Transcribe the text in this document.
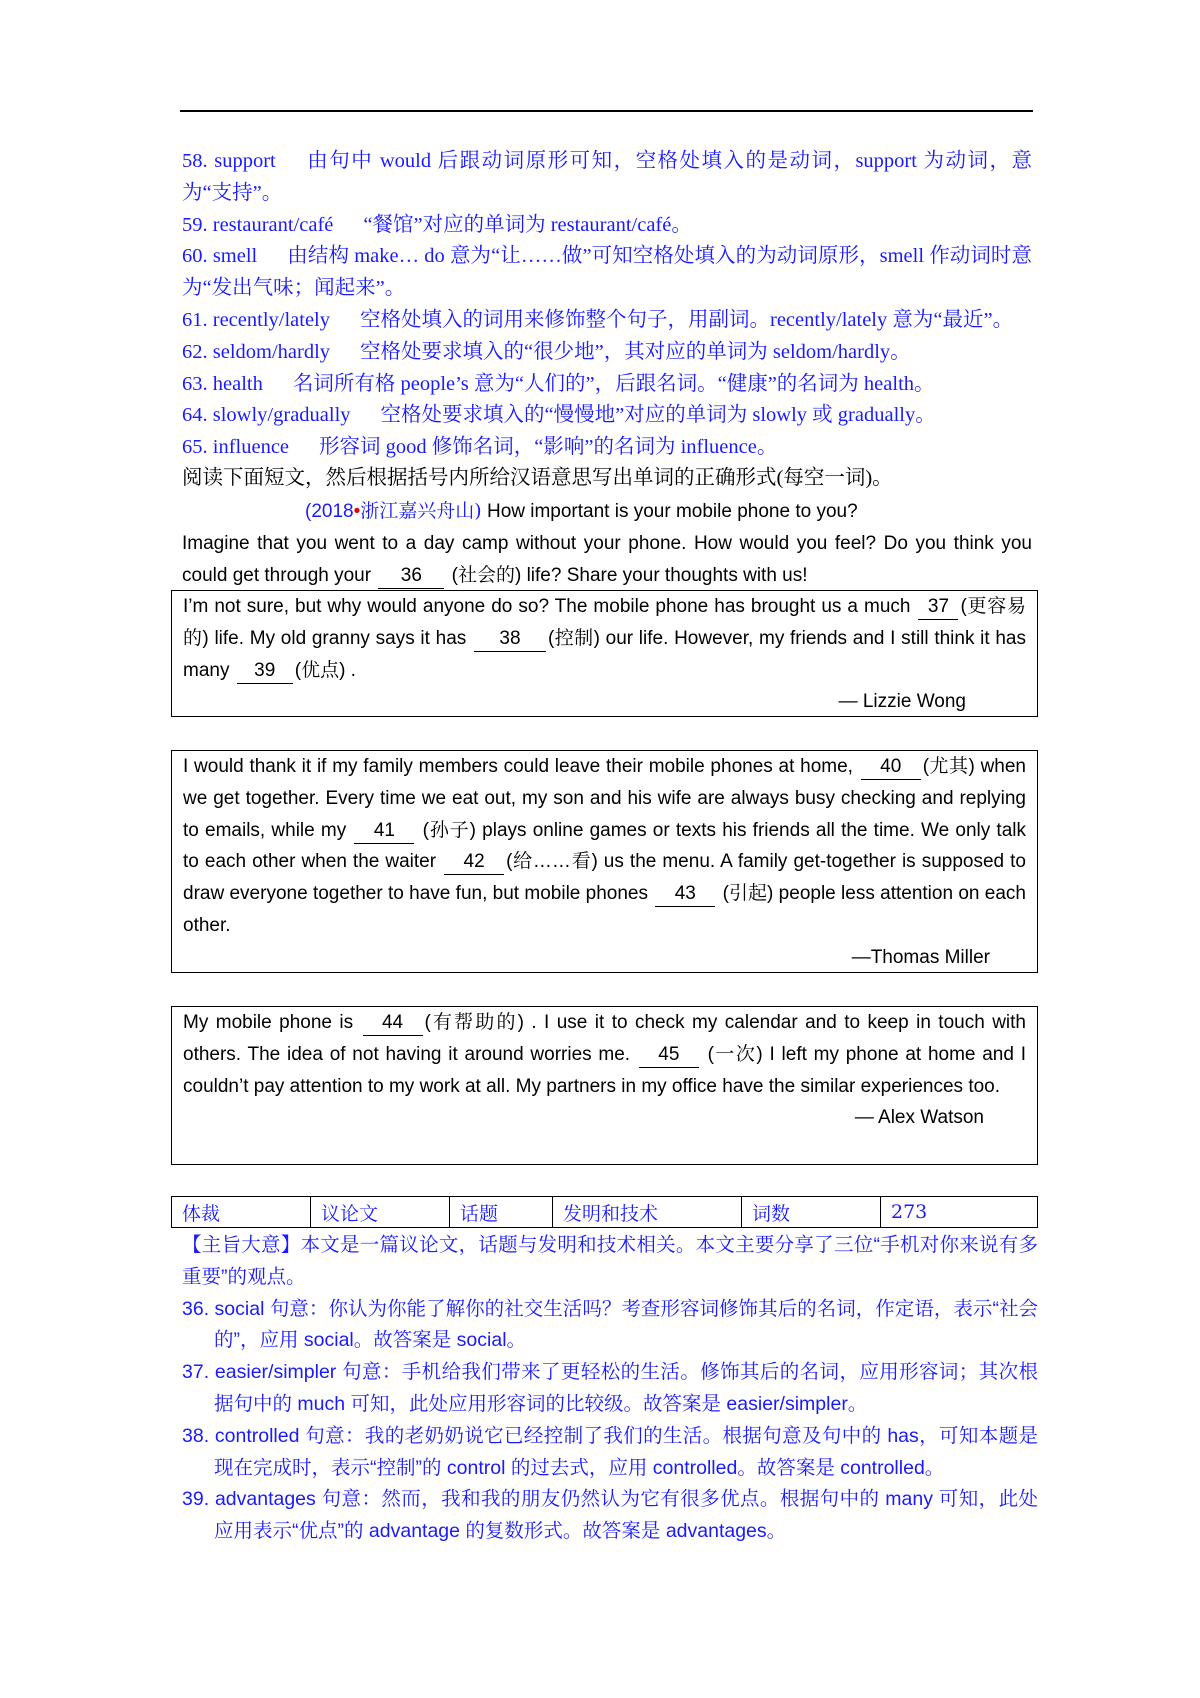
58. support 由句中 would 后跟动词原形可知，空格处填入的是动词，support 为动词，意为“支持”。

59. restaurant/café “餐馆”对应的单词为 restaurant/café。

60. smell 由结构 make… do 意为“让……做”可知空格处填入的为动词原形，smell 作动词时意为“发出气味；闻起来”。

61. recently/lately 空格处填入的词用来修饰整个句子，用副词。recently/lately 意为“最近”。

62. seldom/hardly 空格处要求填入的“很少地”，其对应的单词为 seldom/hardly。

63. health 名词所有格 people’s 意为“人们的”，后跟名词。“健康”的名词为 health。

64. slowly/gradually 空格处要求填入的“慢慢地”对应的单词为 slowly 或 gradually。

65. influence 形容词 good 修饰名词，“影响”的名词为 influence。

阅读下面短文，然后根据括号内所给汉语意思写出单词的正确形式(每空一词)。
(2018•浙江嘉兴舟山) How important is your mobile phone to you?
Imagine that you went to a day camp without your phone. How would you feel? Do you think you could get through your 36 (社会的) life? Share your thoughts with us!

I’m not sure, but why would anyone do so? The mobile phone has brought us a much 37 (更容易的) life. My old granny says it has 38 (控制) our life. However, my friends and I still think it has many 39 (优点) .

— Lizzie Wong

I would thank it if my family members could leave their mobile phones at home, 40 (尤其) when we get together. Every time we eat out, my son and his wife are always busy checking and replying to emails, while my 41 (孙子) plays online games or texts his friends all the time. We only talk to each other when the waiter 42 (给……看) us the menu. A family get-together is supposed to draw everyone together to have fun, but mobile phones 43 (引起) people less attention on each other.

—Thomas Miller

My mobile phone is 44 (有帮助的) . I use it to check my calendar and to keep in touch with others. The idea of not having it around worries me. 45 (一次) I left my phone at home and I couldn’t pay attention to my work at all. My partners in my office have the similar experiences too.

— Alex Watson

体裁	议论文	话题	发明和技术	词数	273

【主旨大意】本文是一篇议论文，话题与发明和技术相关。本文主要分享了三位“手机对你来说有多重要”的观点。

36. social 句意：你认为你能了解你的社交生活吗？考查形容词修饰其后的名词，作定语，表示“社会的”，应用 social。故答案是 social。

37. easier/simpler 句意：手机给我们带来了更轻松的生活。修饰其后的名词，应用形容词；其次根据句中的 much 可知，此处应用形容词的比较级。故答案是 easier/simpler。

38. controlled 句意：我的老奶奶说它已经控制了我们的生活。根据句意及句中的 has，可知本题是现在完成时，表示“控制”的 control 的过去式，应用 controlled。故答案是 controlled。

39. advantages 句意：然而，我和我的朋友仍然认为它有很多优点。根据句中的 many 可知，此处应用表示“优点”的 advantage 的复数形式。故答案是 advantages。
